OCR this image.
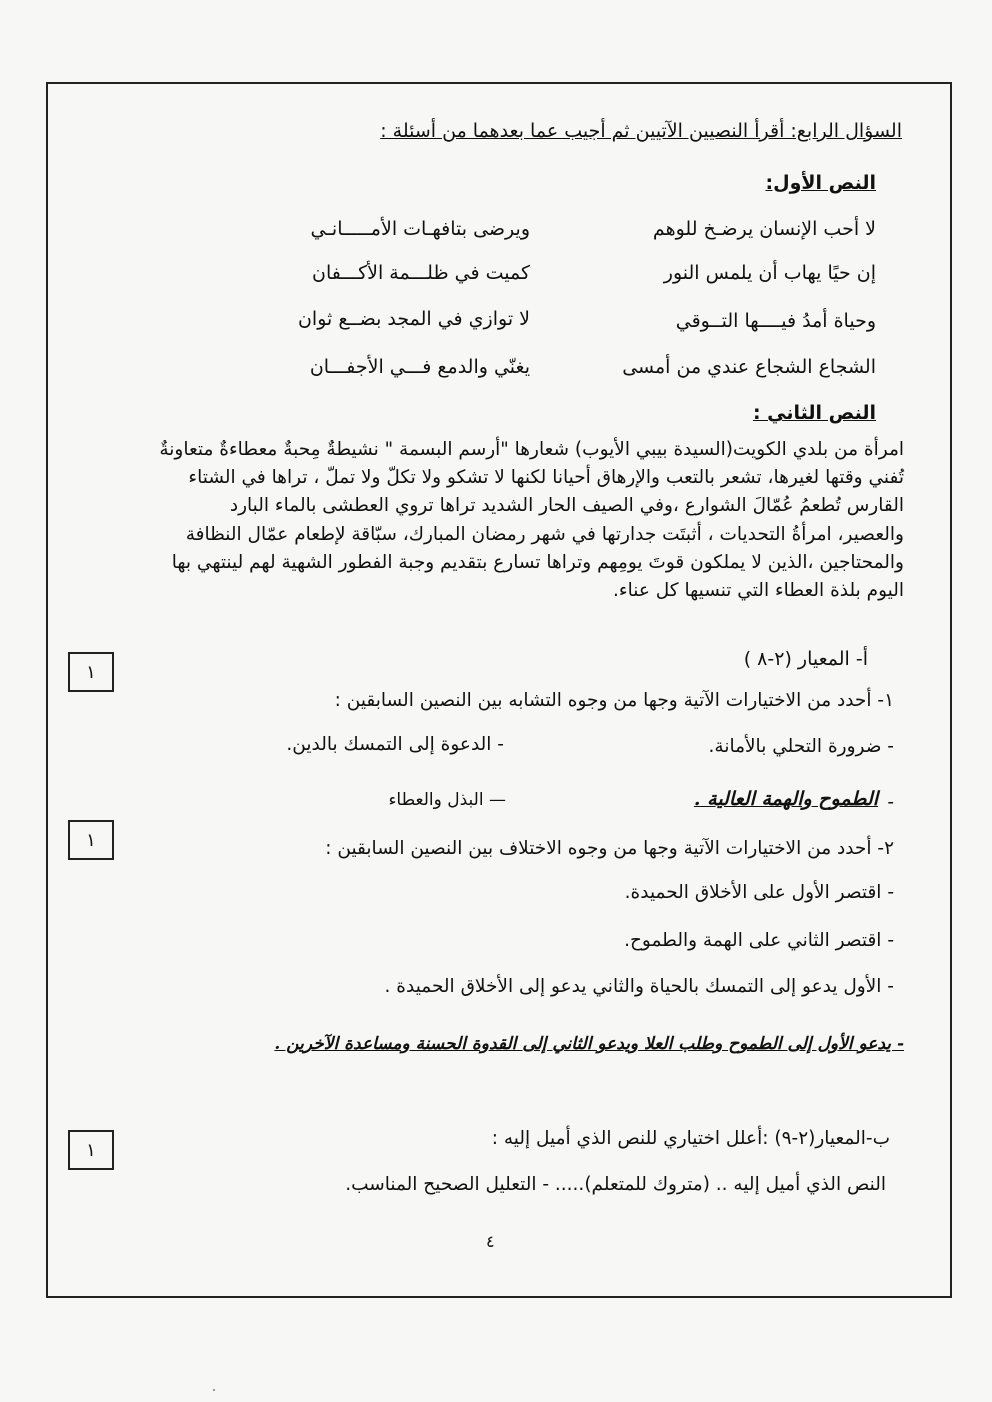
السؤال الرابع: أقرأ النصيين الآتيين ثم أجيب عما بعدهما من أسئلة :
النص الأول:
لا أحب الإنسان يرضـخ للوهم
ويرضى بتافهـات الأمـــــانـي
إن حيًا يهاب أن يلمس النور
كميت في ظلـــمة الأكـــفان
وحياة أمدُ فيــــها التــوقي
لا توازي في المجد بضــع ثوان
الشجاع الشجاع عندي من أمسى
يغنّي والدمع فـــي الأجفـــان
النص الثاني :

امرأة من بلدي الكويت(السيدة بيبي الأيوب) شعارها "أرسم البسمة " نشيطةٌ مِحبةٌ معطاءةٌ متعاونةٌ

تُفني وقتها لغيرها، تشعر بالتعب والإرهاق أحيانا لكنها لا تشكو ولا تكلّ ولا تملّ ، تراها في الشتاء

القارس تُطعمُ عُمّالَ الشوارع ،وفي الصيف الحار الشديد تراها تروي العطشى بالماء البارد

والعصير، امرأةُ التحديات ، أثبتَت جدارتها في شهر رمضان المبارك، سبّاقة لإطعام عمّال النظافة

والمحتاجين ،الذين لا يملكون قوتَ يومِهم وتراها تسارع بتقديم وجبة الفطور الشهية لهم لينتهي بها

اليوم بلذة العطاء التي تنسيها كل عناء.

أ- المعيار (٢-٨ )
١
١- أحدد من الاختيارات الآتية وجها من وجوه التشابه بين النصين السابقين :
- ضرورة التحلي بالأمانة.
- الدعوة إلى التمسك بالدين.
-
الطموح والهمة العالية .
— البذل والعطاء
١	٢- أحدد من الاختيارات الآتية وجها من وجوه الاختلاف بين النصين السابقين :
- اقتصر الأول على الأخلاق الحميدة.
- اقتصر الثاني على الهمة والطموح.
- الأول يدعو إلى التمسك بالحياة والثاني يدعو إلى الأخلاق الحميدة .
- يدعو الأول إلى الطموح وطلب العلا ويدعو الثاني إلى القدوة الحسنة ومساعدة الآخرين .
١
ب-المعيار(٢-٩) :أعلل اختياري للنص الذي أميل إليه :
النص الذي أميل إليه .. (متروك للمتعلم)..... - التعليل الصحيح المناسب.
٤
